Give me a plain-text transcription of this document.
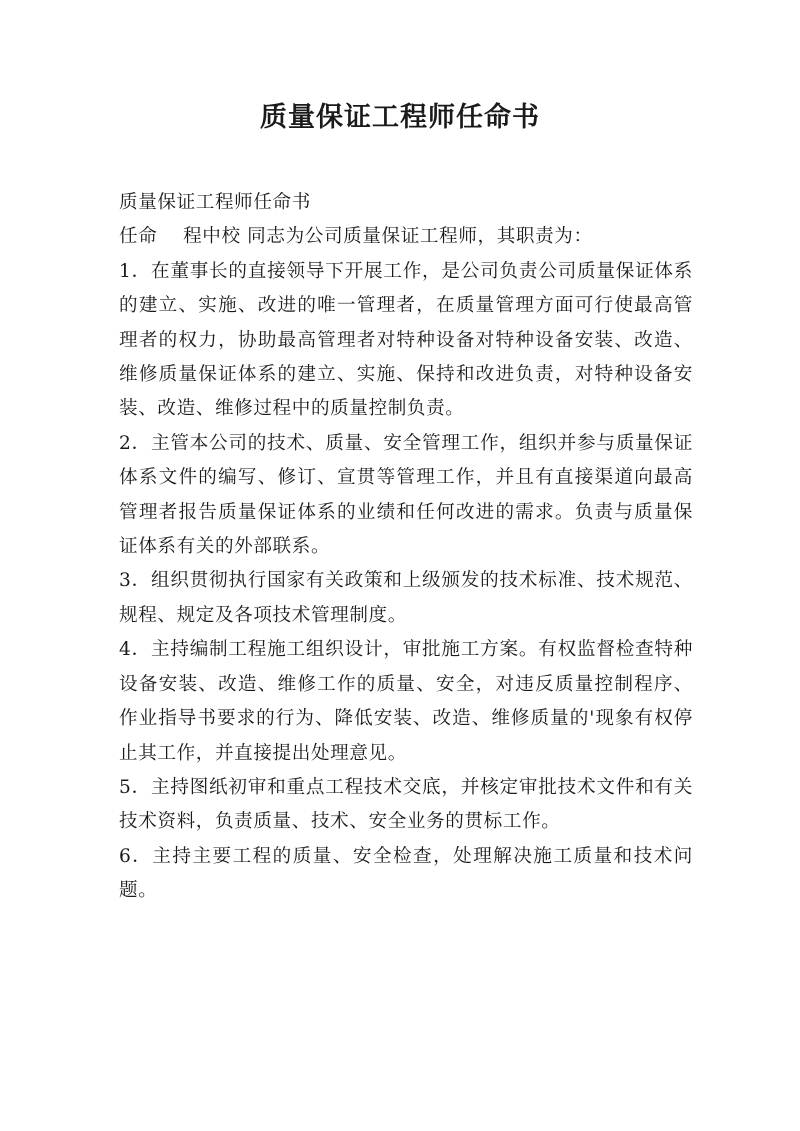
质量保证工程师任命书

质量保证工程师任命书

任命　 程中校 同志为公司质量保证工程师，其职责为：

1．在董事长的直接领导下开展工作，是公司负责公司质量保证体系的建立、实施、改进的唯一管理者，在质量管理方面可行使最高管理者的权力，协助最高管理者对特种设备对特种设备安装、改造、维修质量保证体系的建立、实施、保持和改进负责，对特种设备安装、改造、维修过程中的质量控制负责。

2．主管本公司的技术、质量、安全管理工作，组织并参与质量保证体系文件的编写、修订、宣贯等管理工作，并且有直接渠道向最高管理者报告质量保证体系的业绩和任何改进的需求。负责与质量保证体系有关的外部联系。

3．组织贯彻执行国家有关政策和上级颁发的技术标准、技术规范、规程、规定及各项技术管理制度。

4．主持编制工程施工组织设计，审批施工方案。有权监督检查特种设备安装、改造、维修工作的质量、安全，对违反质量控制程序、作业指导书要求的行为、降低安装、改造、维修质量的'现象有权停止其工作，并直接提出处理意见。

5．主持图纸初审和重点工程技术交底，并核定审批技术文件和有关技术资料，负责质量、技术、安全业务的贯标工作。

6．主持主要工程的质量、安全检查，处理解决施工质量和技术问题。
